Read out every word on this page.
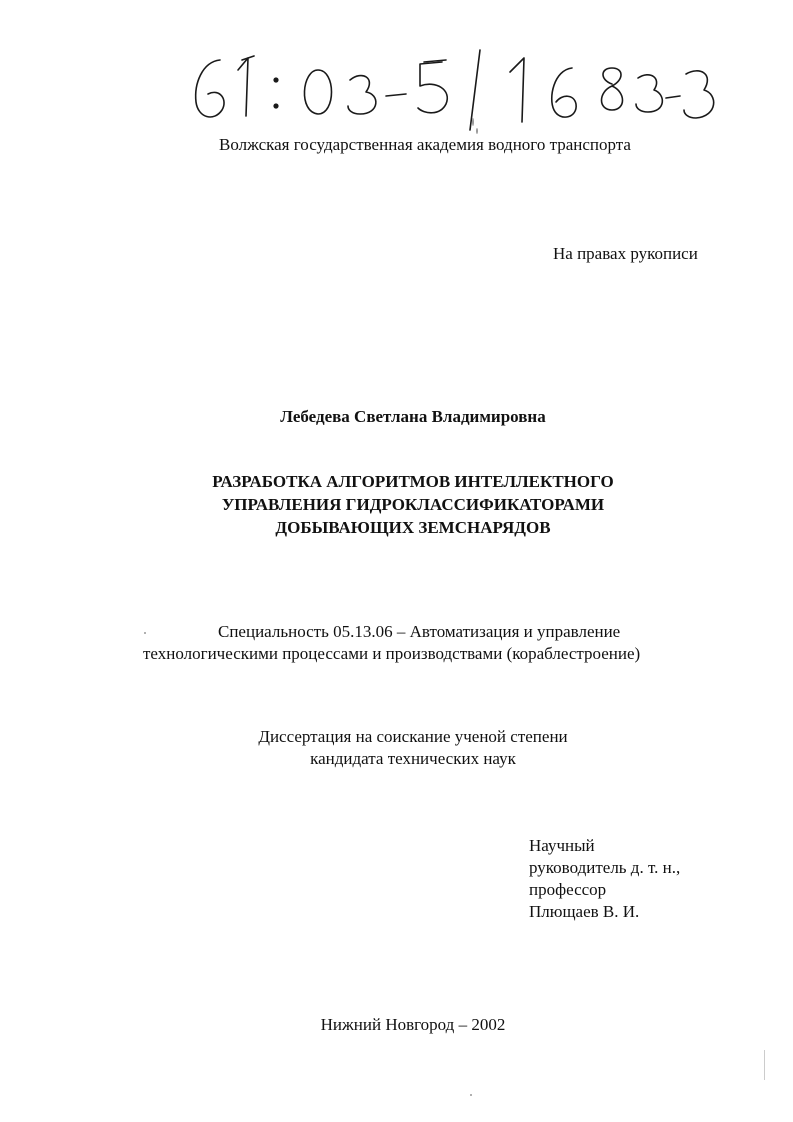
Волжская государственная академия водного транспорта
На правах рукописи
Лебедева Светлана Владимировна
РАЗРАБОТКА АЛГОРИТМОВ ИНТЕЛЛЕКТНОГО
УПРАВЛЕНИЯ ГИДРОКЛАССИФИКАТОРАМИ
ДОБЫВАЮЩИХ ЗЕМСНАРЯДОВ
Специальность 05.13.06 – Автоматизация и управление
технологическими процессами и производствами (кораблестроение)
Диссертация на соискание ученой степени
кандидата технических наук
Научный
руководитель д. т. н.,
профессор
Плющаев В. И.
Нижний Новгород – 2002
